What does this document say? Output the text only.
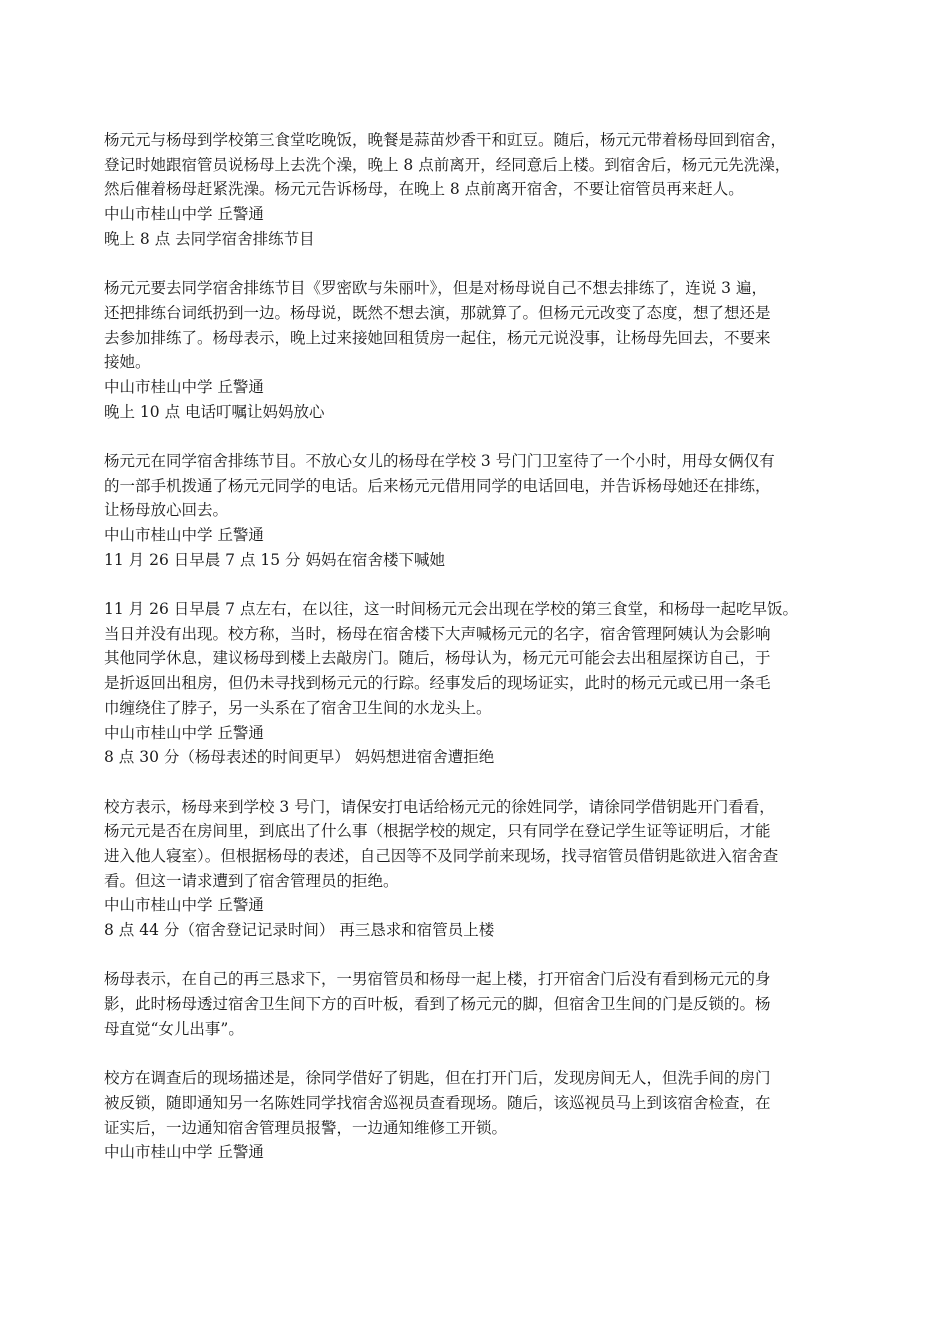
杨元元与杨母到学校第三食堂吃晚饭，晚餐是蒜苗炒香干和豇豆。随后，杨元元带着杨母回到宿舍，
登记时她跟宿管员说杨母上去洗个澡，晚上 8 点前离开，经同意后上楼。到宿舍后，杨元元先洗澡，
然后催着杨母赶紧洗澡。杨元元告诉杨母，在晚上 8 点前离开宿舍，不要让宿管员再来赶人。
中山市桂山中学 丘警通
晚上 8 点 去同学宿舍排练节目
杨元元要去同学宿舍排练节目《罗密欧与朱丽叶》，但是对杨母说自己不想去排练了，连说 3 遍，
还把排练台词纸扔到一边。杨母说，既然不想去演，那就算了。但杨元元改变了态度，想了想还是
去参加排练了。杨母表示，晚上过来接她回租赁房一起住，杨元元说没事，让杨母先回去，不要来
接她。
中山市桂山中学 丘警通
晚上 10 点 电话叮嘱让妈妈放心
杨元元在同学宿舍排练节目。不放心女儿的杨母在学校 3 号门门卫室待了一个小时，用母女俩仅有
的一部手机拨通了杨元元同学的电话。后来杨元元借用同学的电话回电，并告诉杨母她还在排练，
让杨母放心回去。
中山市桂山中学 丘警通
11 月 26 日早晨 7 点 15 分 妈妈在宿舍楼下喊她
11 月 26 日早晨 7 点左右，在以往，这一时间杨元元会出现在学校的第三食堂，和杨母一起吃早饭。
当日并没有出现。校方称，当时，杨母在宿舍楼下大声喊杨元元的名字，宿舍管理阿姨认为会影响
其他同学休息，建议杨母到楼上去敲房门。随后，杨母认为，杨元元可能会去出租屋探访自己，于
是折返回出租房，但仍未寻找到杨元元的行踪。经事发后的现场证实，此时的杨元元或已用一条毛
巾缠绕住了脖子，另一头系在了宿舍卫生间的水龙头上。
中山市桂山中学 丘警通
8 点 30 分（杨母表述的时间更早） 妈妈想进宿舍遭拒绝
校方表示，杨母来到学校 3 号门，请保安打电话给杨元元的徐姓同学，请徐同学借钥匙开门看看，
杨元元是否在房间里，到底出了什么事（根据学校的规定，只有同学在登记学生证等证明后，才能
进入他人寝室）。但根据杨母的表述，自己因等不及同学前来现场，找寻宿管员借钥匙欲进入宿舍查
看。但这一请求遭到了宿舍管理员的拒绝。
中山市桂山中学 丘警通
8 点 44 分（宿舍登记记录时间） 再三恳求和宿管员上楼
杨母表示，在自己的再三恳求下，一男宿管员和杨母一起上楼，打开宿舍门后没有看到杨元元的身
影，此时杨母透过宿舍卫生间下方的百叶板，看到了杨元元的脚，但宿舍卫生间的门是反锁的。杨
母直觉“女儿出事”。
校方在调查后的现场描述是，徐同学借好了钥匙，但在打开门后，发现房间无人，但洗手间的房门
被反锁，随即通知另一名陈姓同学找宿舍巡视员查看现场。随后，该巡视员马上到该宿舍检查，在
证实后，一边通知宿舍管理员报警，一边通知维修工开锁。
中山市桂山中学 丘警通
